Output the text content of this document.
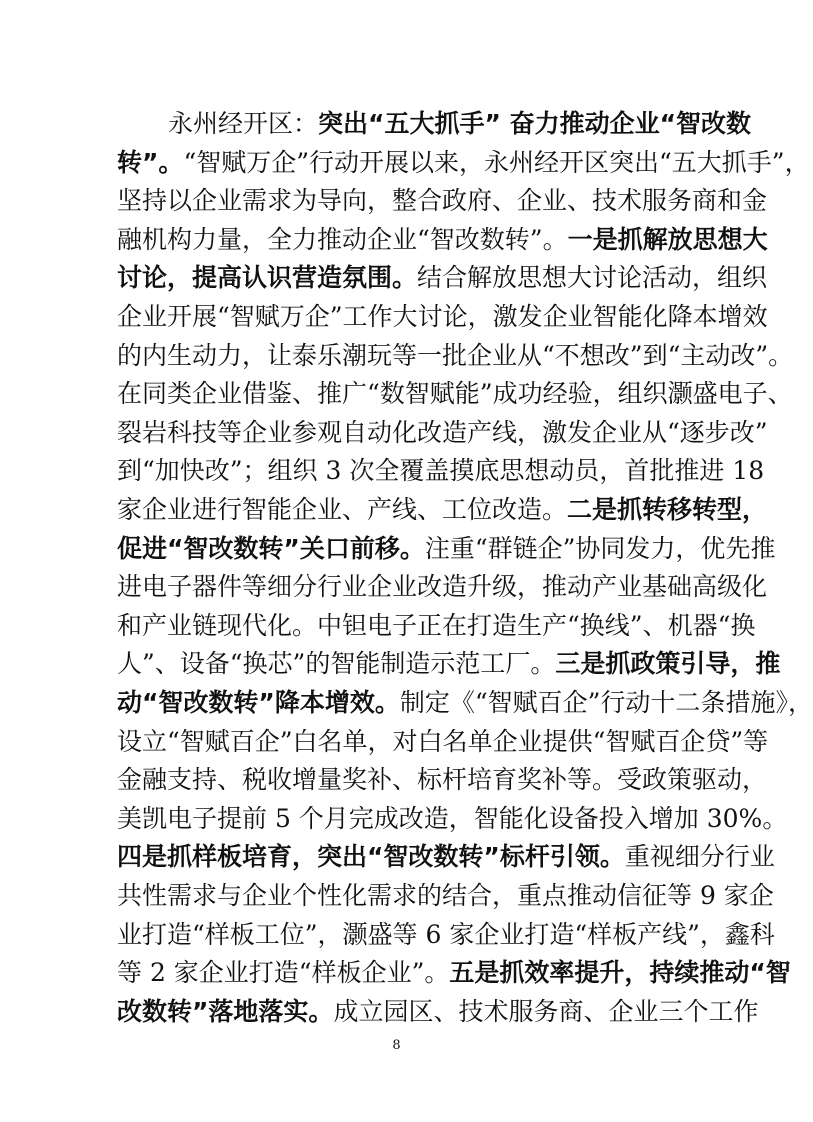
永州经开区：突出“五大抓手” 奋力推动企业“智改数
转”。“智赋万企”行动开展以来，永州经开区突出“五大抓手”，
坚持以企业需求为导向，整合政府、企业、技术服务商和金
融机构力量，全力推动企业“智改数转”。一是抓解放思想大
讨论，提高认识营造氛围。结合解放思想大讨论活动，组织
企业开展“智赋万企”工作大讨论，激发企业智能化降本增效
的内生动力，让泰乐潮玩等一批企业从“不想改”到“主动改”。
在同类企业借鉴、推广“数智赋能”成功经验，组织灏盛电子、
裂岩科技等企业参观自动化改造产线，激发企业从“逐步改”
到“加快改”；组织 3 次全覆盖摸底思想动员，首批推进 18
家企业进行智能企业、产线、工位改造。二是抓转移转型，
促进“智改数转”关口前移。注重“群链企”协同发力，优先推
进电子器件等细分行业企业改造升级，推动产业基础高级化
和产业链现代化。中钽电子正在打造生产“换线”、机器“换
人”、设备“换芯”的智能制造示范工厂。三是抓政策引导，推
动“智改数转”降本增效。制定《“智赋百企”行动十二条措施》，
设立“智赋百企”白名单，对白名单企业提供“智赋百企贷”等
金融支持、税收增量奖补、标杆培育奖补等。受政策驱动，
美凯电子提前 5 个月完成改造，智能化设备投入增加 30%。
四是抓样板培育，突出“智改数转”标杆引领。重视细分行业
共性需求与企业个性化需求的结合，重点推动信征等 9 家企
业打造“样板工位”，灏盛等 6 家企业打造“样板产线”，鑫科
等 2 家企业打造“样板企业”。五是抓效率提升，持续推动“智
改数转”落地落实。成立园区、技术服务商、企业三个工作
8
